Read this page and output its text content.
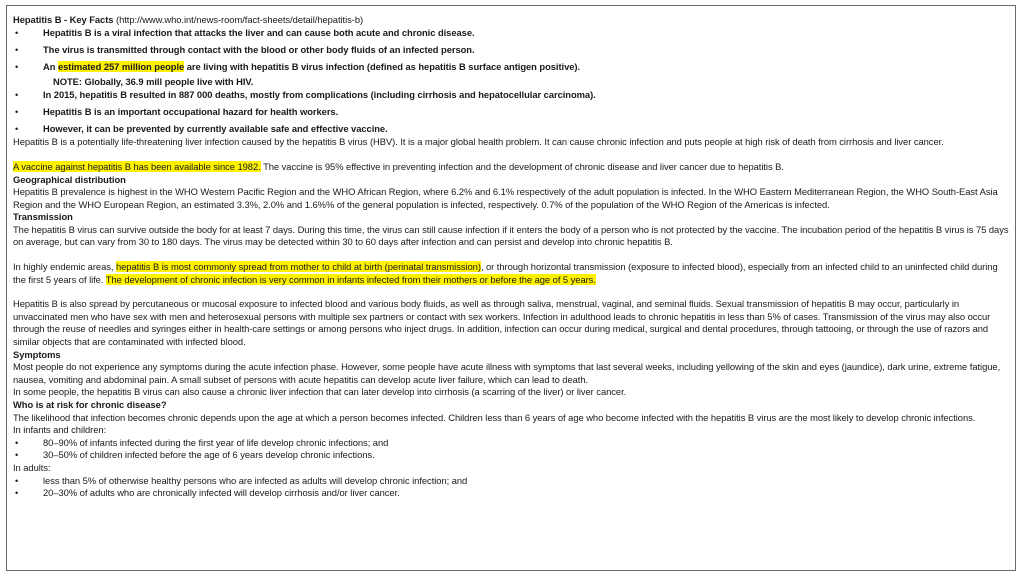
Hepatitis B - Key Facts (http://www.who.int/news-room/fact-sheets/detail/hepatitis-b)

•	Hepatitis B is a viral infection that attacks the liver and can cause both acute and chronic disease.
•	The virus is transmitted through contact with the blood or other body fluids of an infected person.
•	An estimated 257 million people are living with hepatitis B virus infection (defined as hepatitis B surface antigen positive).

NOTE: Globally, 36.9 mill people live with HIV.

•	In 2015, hepatitis B resulted in 887 000 deaths, mostly from complications (including cirrhosis and hepatocellular carcinoma).
•	Hepatitis B is an important occupational hazard for health workers.
•	However, it can be prevented by currently available safe and effective vaccine.

Hepatitis B is a potentially life-threatening liver infection caused by the hepatitis B virus (HBV). It is a major global health problem. It can cause chronic infection and puts people at high risk of death from cirrhosis and liver cancer.

A vaccine against hepatitis B has been available since 1982. The vaccine is 95% effective in preventing infection and the development of chronic disease and liver cancer due to hepatitis B.

Geographical distribution

Hepatitis B prevalence is highest in the WHO Western Pacific Region and the WHO African Region, where 6.2% and 6.1% respectively of the adult population is infected. In the WHO Eastern Mediterranean Region, the WHO South-East Asia Region and the WHO European Region, an estimated 3.3%, 2.0% and 1.6%% of the general population is infected, respectively. 0.7% of the population of the WHO Region of the Americas is infected.

Transmission

The hepatitis B virus can survive outside the body for at least 7 days. During this time, the virus can still cause infection if it enters the body of a person who is not protected by the vaccine. The incubation period of the hepatitis B virus is 75 days on average, but can vary from 30 to 180 days. The virus may be detected within 30 to 60 days after infection and can persist and develop into chronic hepatitis B.

In highly endemic areas, hepatitis B is most commonly spread from mother to child at birth (perinatal transmission), or through horizontal transmission (exposure to infected blood), especially from an infected child to an uninfected child during the first 5 years of life. The development of chronic infection is very common in infants infected from their mothers or before the age of 5 years.

Hepatitis B is also spread by percutaneous or mucosal exposure to infected blood and various body fluids, as well as through saliva, menstrual, vaginal, and seminal fluids. Sexual transmission of hepatitis B may occur, particularly in unvaccinated men who have sex with men and heterosexual persons with multiple sex partners or contact with sex workers. Infection in adulthood leads to chronic hepatitis in less than 5% of cases. Transmission of the virus may also occur through the reuse of needles and syringes either in health-care settings or among persons who inject drugs. In addition, infection can occur during medical, surgical and dental procedures, through tattooing, or through the use of razors and similar objects that are contaminated with infected blood.

Symptoms

Most people do not experience any symptoms during the acute infection phase. However, some people have acute illness with symptoms that last several weeks, including yellowing of the skin and eyes (jaundice), dark urine, extreme fatigue, nausea, vomiting and abdominal pain. A small subset of persons with acute hepatitis can develop acute liver failure, which can lead to death.

In some people, the hepatitis B virus can also cause a chronic liver infection that can later develop into cirrhosis (a scarring of the liver) or liver cancer.

Who is at risk for chronic disease?

The likelihood that infection becomes chronic depends upon the age at which a person becomes infected. Children less than 6 years of age who become infected with the hepatitis B virus are the most likely to develop chronic infections.

In infants and children:

•	80–90% of infants infected during the first year of life develop chronic infections; and
•	30–50% of children infected before the age of 6 years develop chronic infections.

In adults:

•	less than 5% of otherwise healthy persons who are infected as adults will develop chronic infection; and
•	20–30% of adults who are chronically infected will develop cirrhosis and/or liver cancer.
